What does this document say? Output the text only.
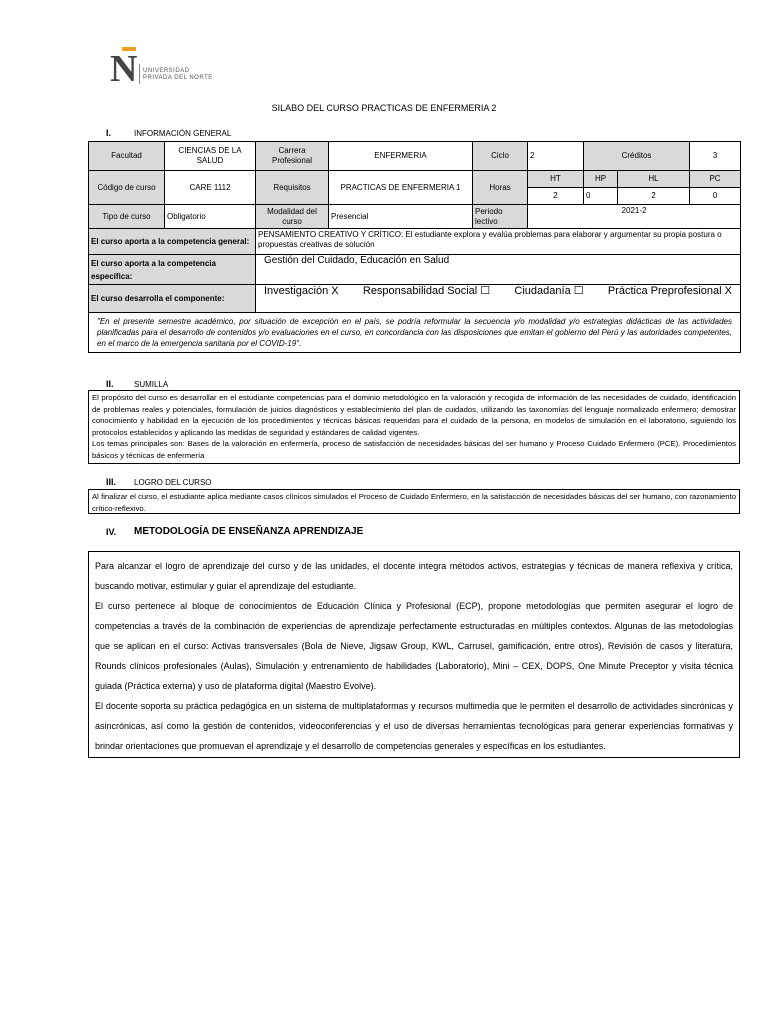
N UNIVERSIDAD
PRIVADA DEL NORTE
SILABO DEL CURSO PRACTICAS DE ENFERMERIA 2
I.	INFORMACIÓN GENERAL
Facultad	CIENCIAS DE LA SALUD	Carrera Profesional	ENFERMERIA	Ciclo	2	Créditos		3
Código de curso	CARE 1112	Requisitos	PRACTICAS DE ENFERMERIA 1	Horas	HT	HP	HL	PC
					2	0	2	0
Tipo de curso	Obligatorio	Modalidad del curso	Presencial	Periodo lectivo	2021-2			
El curso aporta a la competencia general:		PENSAMIENTO CREATIVO Y CRÍTICO: El estudiante explora y evalúa problemas para elaborar y argumentar su propia postura o propuestas creativas de solución						
El curso aporta a la competencia específica:		Gestión del Cuidado, Educación en Salud						
El curso desarrolla el componente:		Investigación X Responsabilidad Social ☐ Ciudadanía ☐ Práctica Preprofesional X						

"En el presente semestre académico, por situación de excepción en el país, se podría reformular la secuencia y/o modalidad y/o estrategias didácticas de las actividades planificadas para el desarrollo de contenidos y/o evaluaciones en el curso, en concordancia con las disposiciones que emitan el gobierno del Perú y las autoridades competentes, en el marco de la emergencia sanitaria por el COVID-19".								
II.	SUMILLA
El propósito del curso es desarrollar en el estudiante competencias para el dominio metodológico en la valoración y recogida de información de las necesidades de cuidado, identificación de problemas reales y potenciales, formulación de juicios diagnósticos y establecimiento del plan de cuidados, utilizando las taxonomías del lenguaje normalizado enfermero; demostrar conocimiento y habilidad en la ejecución de los procedimientos y técnicas básicas requeridas para el cuidado de la persona, en modelos de simulación en el laboratorio, siguiendo los protocolos establecidos y aplicando las medidas de seguridad y estándares de calidad vigentes.
Los temas principales son: Bases de la valoración en enfermería, proceso de satisfacción de necesidades básicas del ser humano y Proceso Cuidado Enfermero (PCE). Procedimientos básicos y técnicas de enfermería
III.	LOGRO DEL CURSO
Al finalizar el curso, el estudiante aplica mediante casos clínicos simulados el Proceso de Cuidado Enfermero, en la satisfacción de necesidades básicas del ser humano, con razonamiento crítico-reflexivo.
IV.	METODOLOGÍA DE ENSEÑANZA APRENDIZAJE

Para alcanzar el logro de aprendizaje del curso y de las unidades, el docente integra métodos activos, estrategias y técnicas de manera reflexiva y crítica, buscando motivar, estimular y guiar el aprendizaje del estudiante.

El curso pertenece al bloque de conocimientos de Educación Clínica y Profesional (ECP), propone metodologías que permiten asegurar el logro de competencias a través de la combinación de experiencias de aprendizaje perfectamente estructuradas en múltiples contextos. Algunas de las metodologías que se aplican en el curso: Activas transversales (Bola de Nieve, Jigsaw Group, KWL, Carrusel, gamificación, entre otros), Revisión de casos y literatura, Rounds clínicos profesionales (Aulas), Simulación y entrenamiento de habilidades (Laboratorio), Mini – CEX, DOPS, One Minute Preceptor y visita técnica guiada (Práctica externa) y uso de plataforma digital (Maestro Evolve).

El docente soporta su práctica pedagógica en un sistema de multiplataformas y recursos multimedia que le permiten el desarrollo de actividades sincrónicas y asincrónicas, así como la gestión de contenidos, videoconferencias y el uso de diversas herramientas tecnológicas para generar experiencias formativas y brindar orientaciones que promuevan el aprendizaje y el desarrollo de competencias generales y específicas en los estudiantes.
